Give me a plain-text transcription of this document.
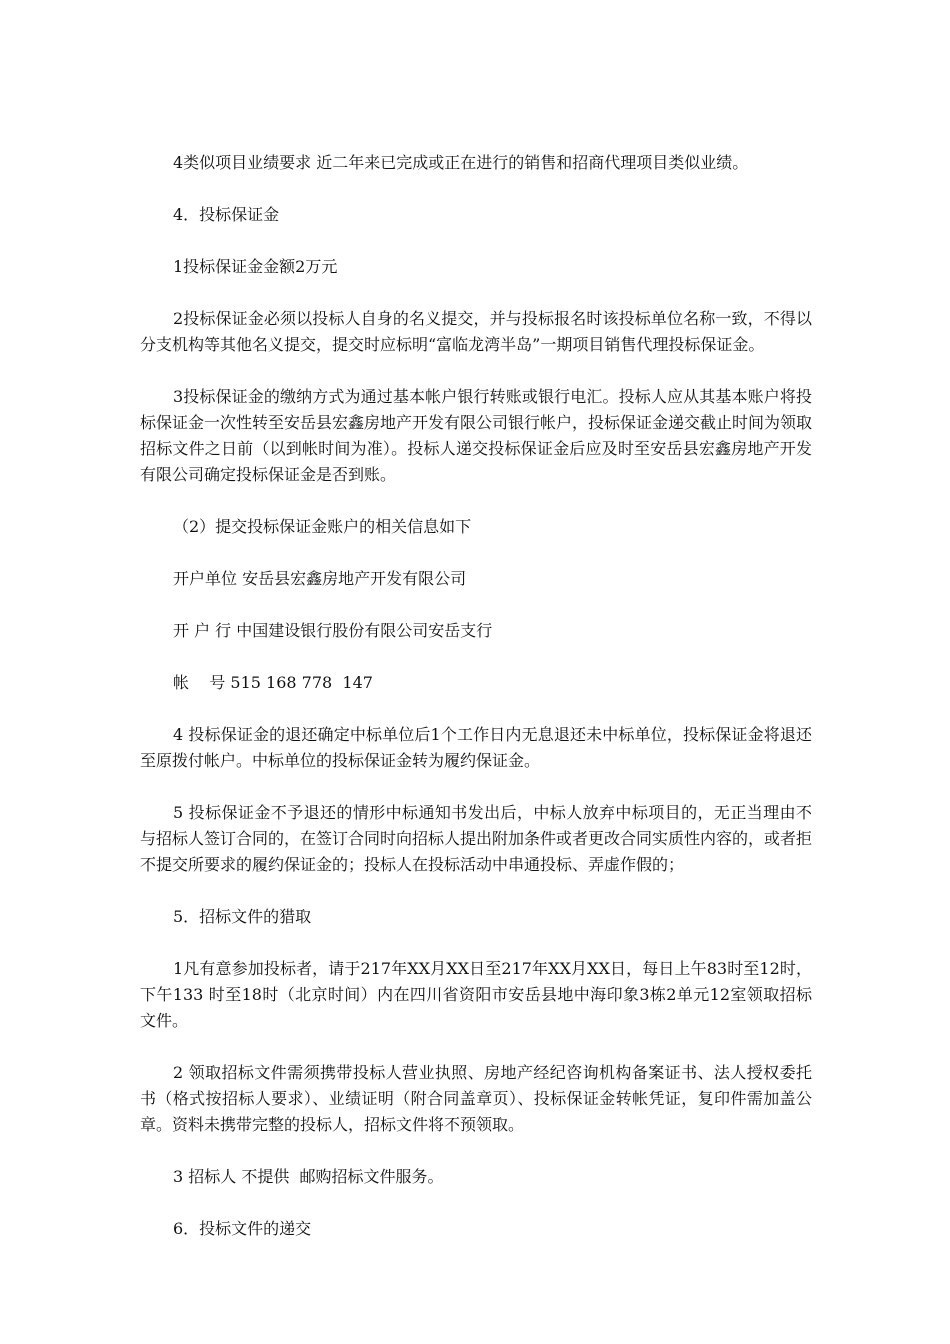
4类似项目业绩要求 近二年来已完成或正在进行的销售和招商代理项目类似业绩。

4．投标保证金

1投标保证金金额2万元

2投标保证金必须以投标人自身的名义提交，并与投标报名时该投标单位名称一致，不得以分支机构等其他名义提交，提交时应标明“富临龙湾半岛”一期项目销售代理投标保证金。

3投标保证金的缴纳方式为通过基本帐户银行转账或银行电汇。投标人应从其基本账户将投标保证金一次性转至安岳县宏鑫房地产开发有限公司银行帐户，投标保证金递交截止时间为领取招标文件之日前（以到帐时间为准）。投标人递交投标保证金后应及时至安岳县宏鑫房地产开发有限公司确定投标保证金是否到账。

（2）提交投标保证金账户的相关信息如下

开户单位 安岳县宏鑫房地产开发有限公司

开 户 行 中国建设银行股份有限公司安岳支行

帐    号 515 168 778  147

4 投标保证金的退还确定中标单位后1个工作日内无息退还未中标单位，投标保证金将退还至原拨付帐户。中标单位的投标保证金转为履约保证金。

5 投标保证金不予退还的情形中标通知书发出后，中标人放弃中标项目的，无正当理由不与招标人签订合同的，在签订合同时向招标人提出附加条件或者更改合同实质性内容的，或者拒不提交所要求的履约保证金的；投标人在投标活动中串通投标、弄虚作假的；

5．招标文件的猎取

1凡有意参加投标者，请于217年XX月XX日至217年XX月XX日，每日上午83时至12时，下午133 时至18时（北京时间）内在四川省资阳市安岳县地中海印象3栋2单元12室领取招标文件。

2 领取招标文件需须携带投标人营业执照、房地产经纪咨询机构备案证书、法人授权委托书（格式按招标人要求）、业绩证明（附合同盖章页）、投标保证金转帐凭证，复印件需加盖公章。资料未携带完整的投标人，招标文件将不预领取。

3 招标人 不提供  邮购招标文件服务。

6．投标文件的递交
